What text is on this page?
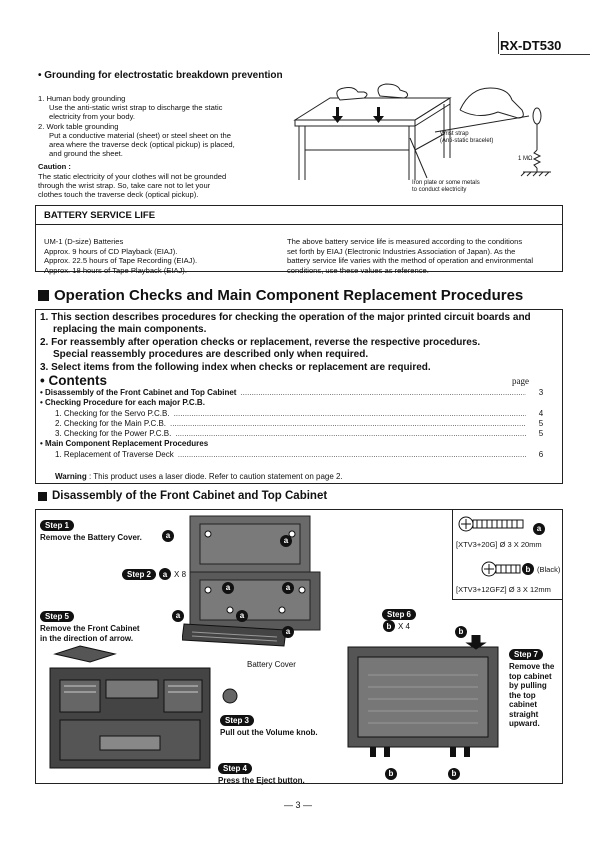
RX-DT530
• Grounding for electrostatic breakdown prevention
1. Human body grounding
Use the anti-static wrist strap to discharge the static
electricity from your body.
2. Work table grounding
Put a conductive material (sheet) or steel sheet on the
area where the traverse deck (optical pickup) is placed,
and ground the sheet.
Caution :
The static electricity of your clothes will not be grounded
through the wrist strap. So, take care not to let your
clothes touch the traverse deck (optical pickup).
Wrist strap
(Anti-static bracelet)
1 MΩ
Iron plate or some metals
to conduct electricity
BATTERY SERVICE LIFE
UM-1 (D-size) Batteries
Approx. 9 hours of CD Playback (EIAJ).
Approx. 22.5 hours of Tape Recording (EIAJ).
Approx. 18 hours of Tape Playback (EIAJ).
The above battery service life is measured according to the conditions
set forth by EIAJ (Electronic Industries Association of Japan). As the
battery service life varies with the method of operation and environmental
conditions, use these values as reference.
Operation Checks and Main Component Replacement Procedures
1. This section describes procedures for checking the operation of the major printed circuit boards and
replacing the main components.
2. For reassembly after operation checks or replacement, reverse the respective procedures.
Special reassembly procedures are described only when required.
3. Select items from the following index when checks or replacement are required.
• Contents	page
• Disassembly of the Front Cabinet and Top Cabinet .....	3
• Checking Procedure for each major P.C.B.
1. Checking for the Servo P.C.B. .....	4
2. Checking for the Main P.C.B. .....	5
3. Checking for the Power P.C.B. .....	5
• Main Component Replacement Procedures
1. Replacement of Traverse Deck .....	6
Warning : This product uses a laser diode. Refer to caution statement on page 2.
Disassembly of the Front Cabinet and Top Cabinet
Battery Cover
a
a	a
a	a
a
a
Step 1
Remove the Battery Cover.
Step 2	a X 8
a
[XTV3+20G] Ø 3 X 20mm
b (Black)
[XTV3+12GFZ] Ø 3 X 12mm
Step 5
Remove the Front Cabinet
in the direction of arrow.
Step 3
Pull out the Volume knob.
Step 4
Press the Eject button.
Step 6
b X 4
b
b	b
Step 7
Remove the
top cabinet
by pulling
the top
cabinet
straight
upward.
— 3 —
